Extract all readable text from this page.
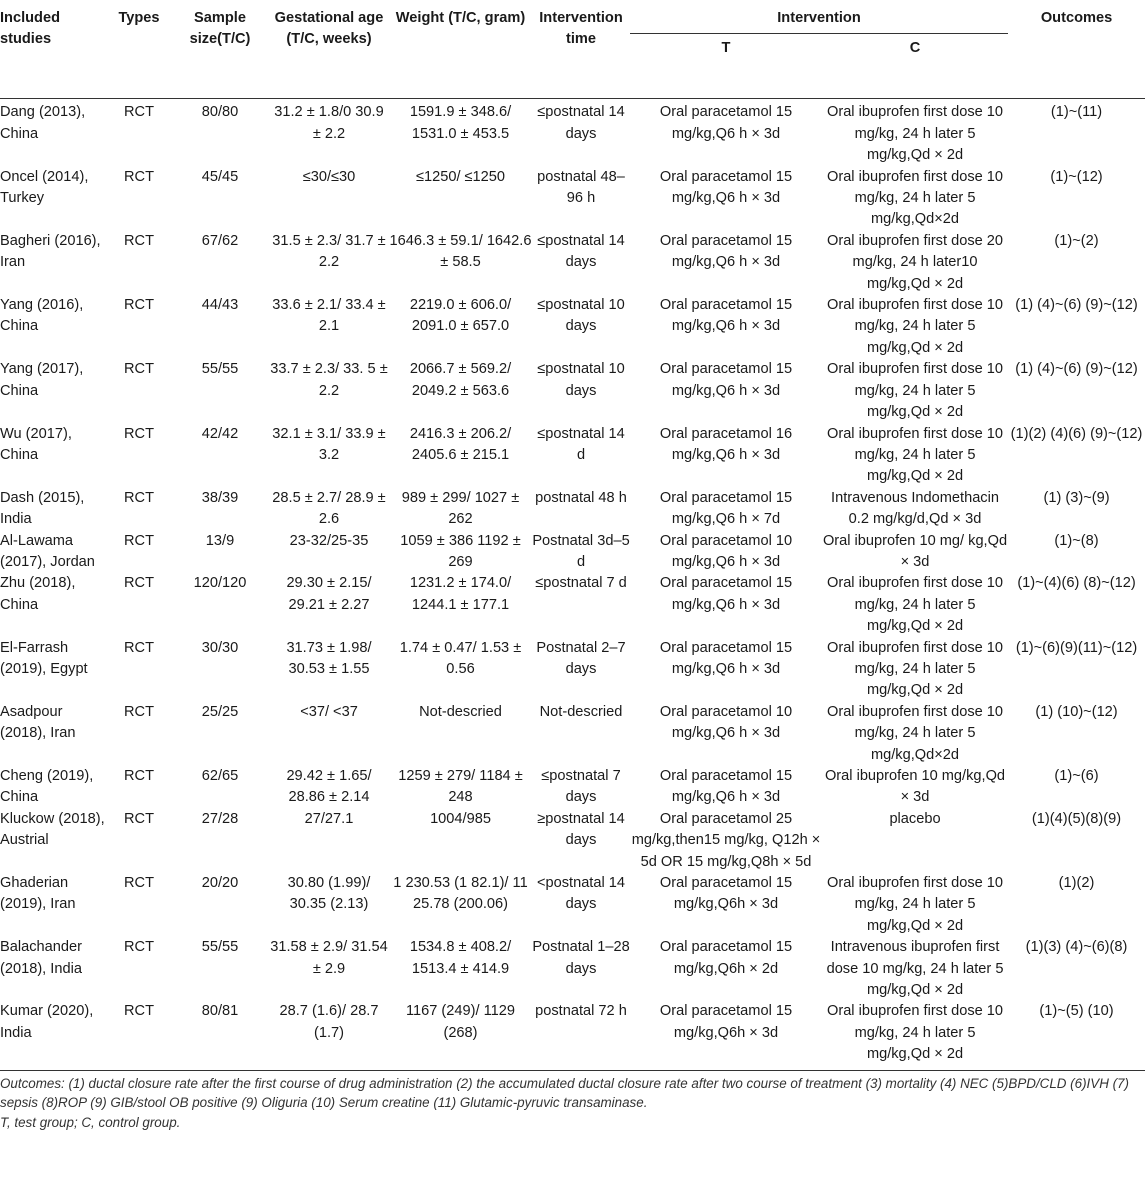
Included studies	Types	Sample size(T/C)	Gestational age (T/C, weeks)	Weight (T/C, gram)	Intervention time	Intervention		Outcomes
						T	C	

Dang (2013), China	RCT	80/80	31.2 ± 1.8/0 30.9 ± 2.2	1591.9 ± 348.6/ 1531.0 ± 453.5	≤postnatal 14 days	Oral paracetamol 15 mg/kg,Q6 h × 3d	Oral ibuprofen first dose 10 mg/kg, 24 h later 5 mg/kg,Qd × 2d	(1)~(11)
Oncel (2014), Turkey	RCT	45/45	≤30/≤30	≤1250/ ≤1250	postnatal 48–96 h	Oral paracetamol 15 mg/kg,Q6 h × 3d	Oral ibuprofen first dose 10 mg/kg, 24 h later 5 mg/kg,Qd×2d	(1)~(12)
Bagheri (2016), Iran	RCT	67/62	31.5 ± 2.3/ 31.7 ± 2.2	1646.3 ± 59.1/ 1642.6 ± 58.5	≤postnatal 14 days	Oral paracetamol 15 mg/kg,Q6 h × 3d	Oral ibuprofen first dose 20 mg/kg, 24 h later10 mg/kg,Qd × 2d	(1)~(2)
Yang (2016), China	RCT	44/43	33.6 ± 2.1/ 33.4 ± 2.1	2219.0 ± 606.0/ 2091.0 ± 657.0	≤postnatal 10 days	Oral paracetamol 15 mg/kg,Q6 h × 3d	Oral ibuprofen first dose 10 mg/kg, 24 h later 5 mg/kg,Qd × 2d	(1) (4)~(6) (9)~(12)
Yang (2017), China	RCT	55/55	33.7 ± 2.3/ 33. 5 ± 2.2	2066.7 ± 569.2/ 2049.2 ± 563.6	≤postnatal 10 days	Oral paracetamol 15 mg/kg,Q6 h × 3d	Oral ibuprofen first dose 10 mg/kg, 24 h later 5 mg/kg,Qd × 2d	(1) (4)~(6) (9)~(12)
Wu (2017), China	RCT	42/42	32.1 ± 3.1/ 33.9 ± 3.2	2416.3 ± 206.2/ 2405.6 ± 215.1	≤postnatal 14 d	Oral paracetamol 16 mg/kg,Q6 h × 3d	Oral ibuprofen first dose 10 mg/kg, 24 h later 5 mg/kg,Qd × 2d	(1)(2) (4)(6) (9)~(12)
Dash (2015), India	RCT	38/39	28.5 ± 2.7/ 28.9 ± 2.6	989 ± 299/ 1027 ± 262	postnatal 48 h	Oral paracetamol 15 mg/kg,Q6 h × 7d	Intravenous Indomethacin 0.2 mg/kg/d,Qd × 3d	(1) (3)~(9)
Al-Lawama (2017), Jordan	RCT	13/9	23-32/25-35	1059 ± 386 1192 ± 269	Postnatal 3d–5 d	Oral paracetamol 10 mg/kg,Q6 h × 3d	Oral ibuprofen 10 mg/ kg,Qd × 3d	(1)~(8)
Zhu (2018), China	RCT	120/120	29.30 ± 2.15/ 29.21 ± 2.27	1231.2 ± 174.0/ 1244.1 ± 177.1	≤postnatal 7 d	Oral paracetamol 15 mg/kg,Q6 h × 3d	Oral ibuprofen first dose 10 mg/kg, 24 h later 5 mg/kg,Qd × 2d	(1)~(4)(6) (8)~(12)
El-Farrash (2019), Egypt	RCT	30/30	31.73 ± 1.98/ 30.53 ± 1.55	1.74 ± 0.47/ 1.53 ± 0.56	Postnatal 2–7 days	Oral paracetamol 15 mg/kg,Q6 h × 3d	Oral ibuprofen first dose 10 mg/kg, 24 h later 5 mg/kg,Qd × 2d	(1)~(6)(9)(11)~(12)
Asadpour (2018), Iran	RCT	25/25	<37/ <37	Not-descried	Not-descried	Oral paracetamol 10 mg/kg,Q6 h × 3d	Oral ibuprofen first dose 10 mg/kg, 24 h later 5 mg/kg,Qd×2d	(1) (10)~(12)
Cheng (2019), China	RCT	62/65	29.42 ± 1.65/ 28.86 ± 2.14	1259 ± 279/ 1184 ± 248	≤postnatal 7 days	Oral paracetamol 15 mg/kg,Q6 h × 3d	Oral ibuprofen 10 mg/kg,Qd × 3d	(1)~(6)
Kluckow (2018), Austrial	RCT	27/28	27/27.1	1004/985	≥postnatal 14 days	Oral paracetamol 25 mg/kg,then15 mg/kg, Q12h × 5d OR 15 mg/kg,Q8h × 5d	placebo	(1)(4)(5)(8)(9)
Ghaderian (2019), Iran	RCT	20/20	30.80 (1.99)/ 30.35 (2.13)	1 230.53 (1 82.1)/ 11 25.78 (200.06)	<postnatal 14 days	Oral paracetamol 15 mg/kg,Q6h × 3d	Oral ibuprofen first dose 10 mg/kg, 24 h later 5 mg/kg,Qd × 2d	(1)(2)
Balachander (2018), India	RCT	55/55	31.58 ± 2.9/ 31.54 ± 2.9	1534.8 ± 408.2/ 1513.4 ± 414.9	Postnatal 1–28 days	Oral paracetamol 15 mg/kg,Q6h × 2d	Intravenous ibuprofen first dose 10 mg/kg, 24 h later 5 mg/kg,Qd × 2d	(1)(3) (4)~(6)(8)
Kumar (2020), India	RCT	80/81	28.7 (1.6)/ 28.7 (1.7)	1167 (249)/ 1129 (268)	postnatal 72 h	Oral paracetamol 15 mg/kg,Q6h × 3d	Oral ibuprofen first dose 10 mg/kg, 24 h later 5 mg/kg,Qd × 2d	(1)~(5) (10)

Outcomes: (1) ductal closure rate after the first course of drug administration (2) the accumulated ductal closure rate after two course of treatment (3) mortality (4) NEC (5)BPD/CLD (6)IVH (7) sepsis (8)ROP (9) GIB/stool OB positive (9) Oliguria (10) Serum creatine (11) Glutamic-pyruvic transaminase.
T, test group; C, control group.
